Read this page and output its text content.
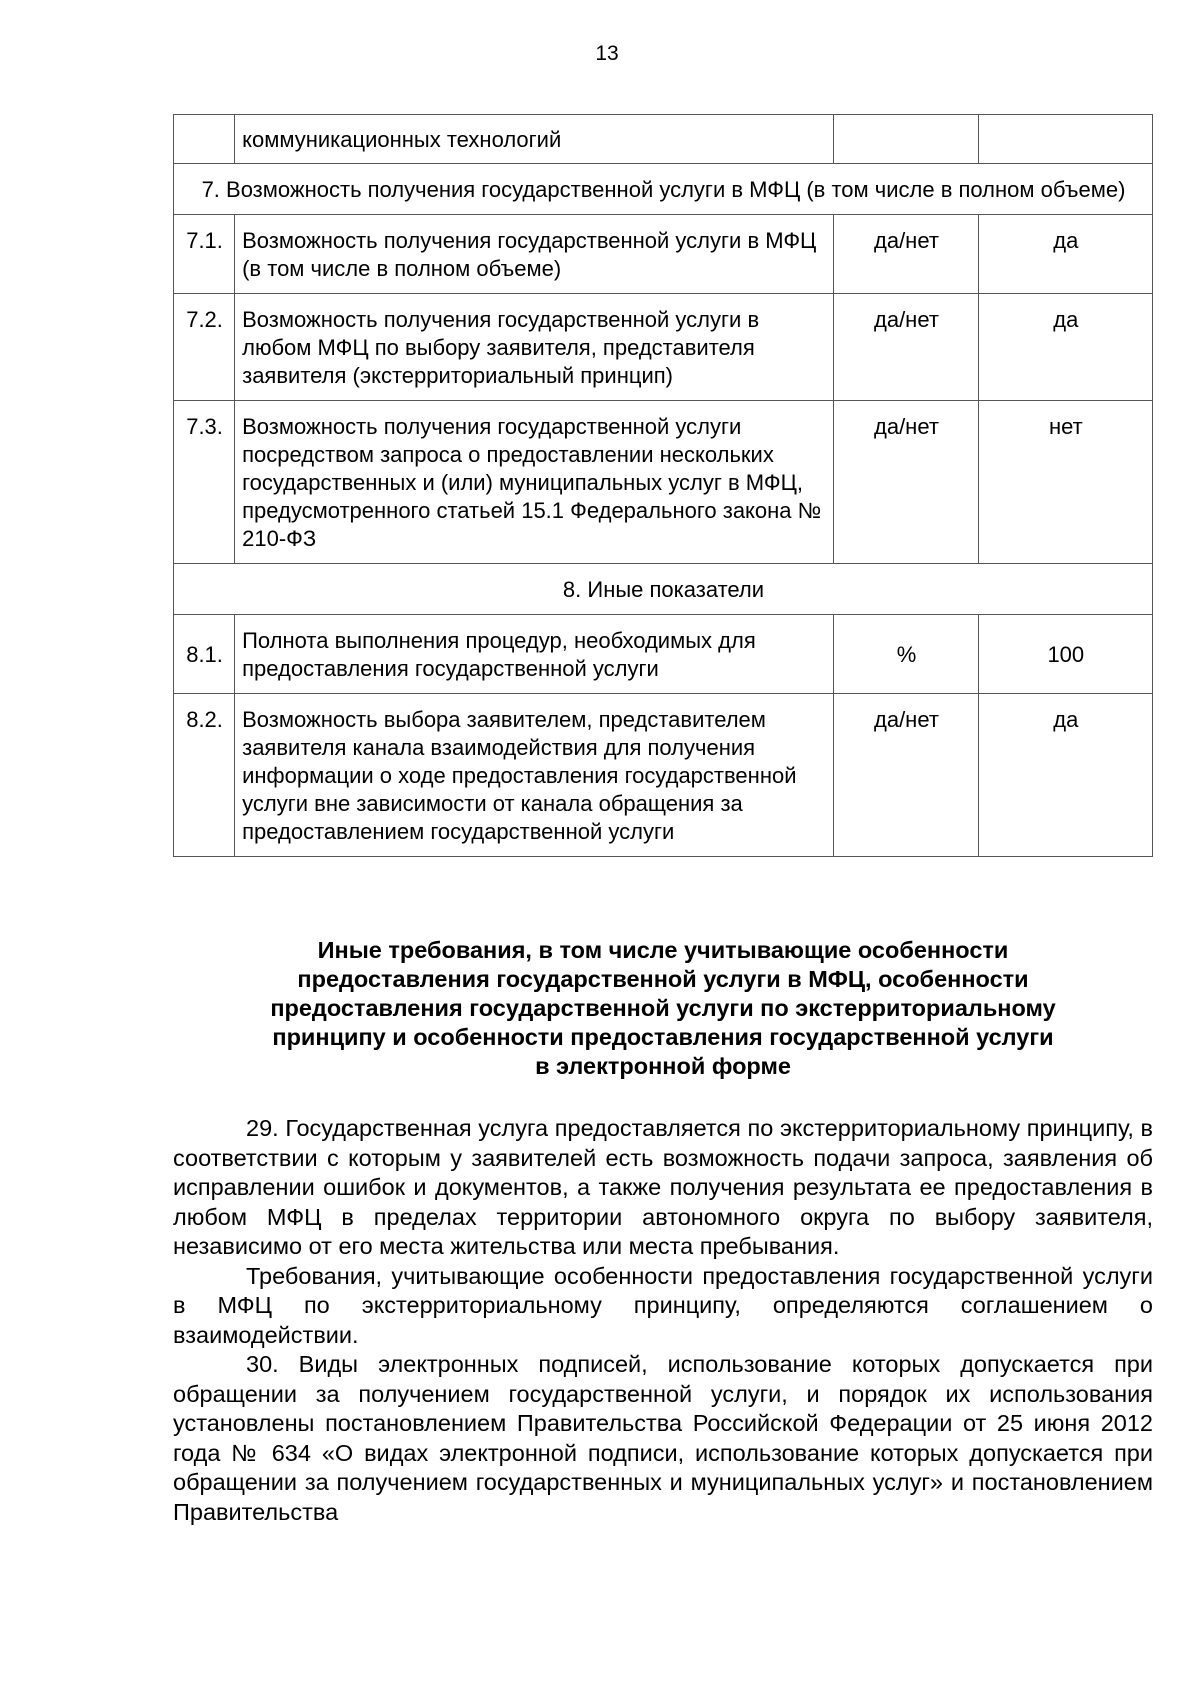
13
	коммуникационных технологий		
7. Возможность получения государственной услуги в МФЦ (в том числе в полном объеме)			
7.1.	Возможность получения государственной услуги в МФЦ (в том числе в полном объеме)	да/нет	да
7.2.	Возможность получения государственной услуги в любом МФЦ по выбору заявителя, представителя заявителя (экстерриториальный принцип)	да/нет	да
7.3.	Возможность получения государственной услуги посредством запроса о предоставлении нескольких государственных и (или) муниципальных услуг в МФЦ, предусмотренного статьей 15.1 Федерального закона № 210-ФЗ	да/нет	нет
8. Иные показатели			
8.1.	Полнота выполнения процедур, необходимых для предоставления государственной услуги	%	100
8.2.	Возможность выбора заявителем, представителем заявителя канала взаимодействия для получения информации о ходе предоставления государственной услуги вне зависимости от канала обращения за предоставлением государственной услуги	да/нет	да
Иные требования, в том числе учитывающие особенности
предоставления государственной услуги в МФЦ, особенности
предоставления государственной услуги по экстерриториальному
принципу и особенности предоставления государственной услуги
в электронной форме

29. Государственная услуга предоставляется по экстерриториальному принципу, в соответствии с которым у заявителей есть возможность подачи запроса, заявления об исправлении ошибок и документов, а также получения результата ее предоставления в любом МФЦ в пределах территории автономного округа по выбору заявителя, независимо от его места жительства или места пребывания.

Требования, учитывающие особенности предоставления государственной услуги в МФЦ по экстерриториальному принципу, определяются соглашением о взаимодействии.

30. Виды электронных подписей, использование которых допускается при обращении за получением государственной услуги, и порядок их использования установлены постановлением Правительства Российской Федерации от 25 июня 2012 года № 634 «О видах электронной подписи, использование которых допускается при обращении за получением государственных и муниципальных услуг» и постановлением Правительства
